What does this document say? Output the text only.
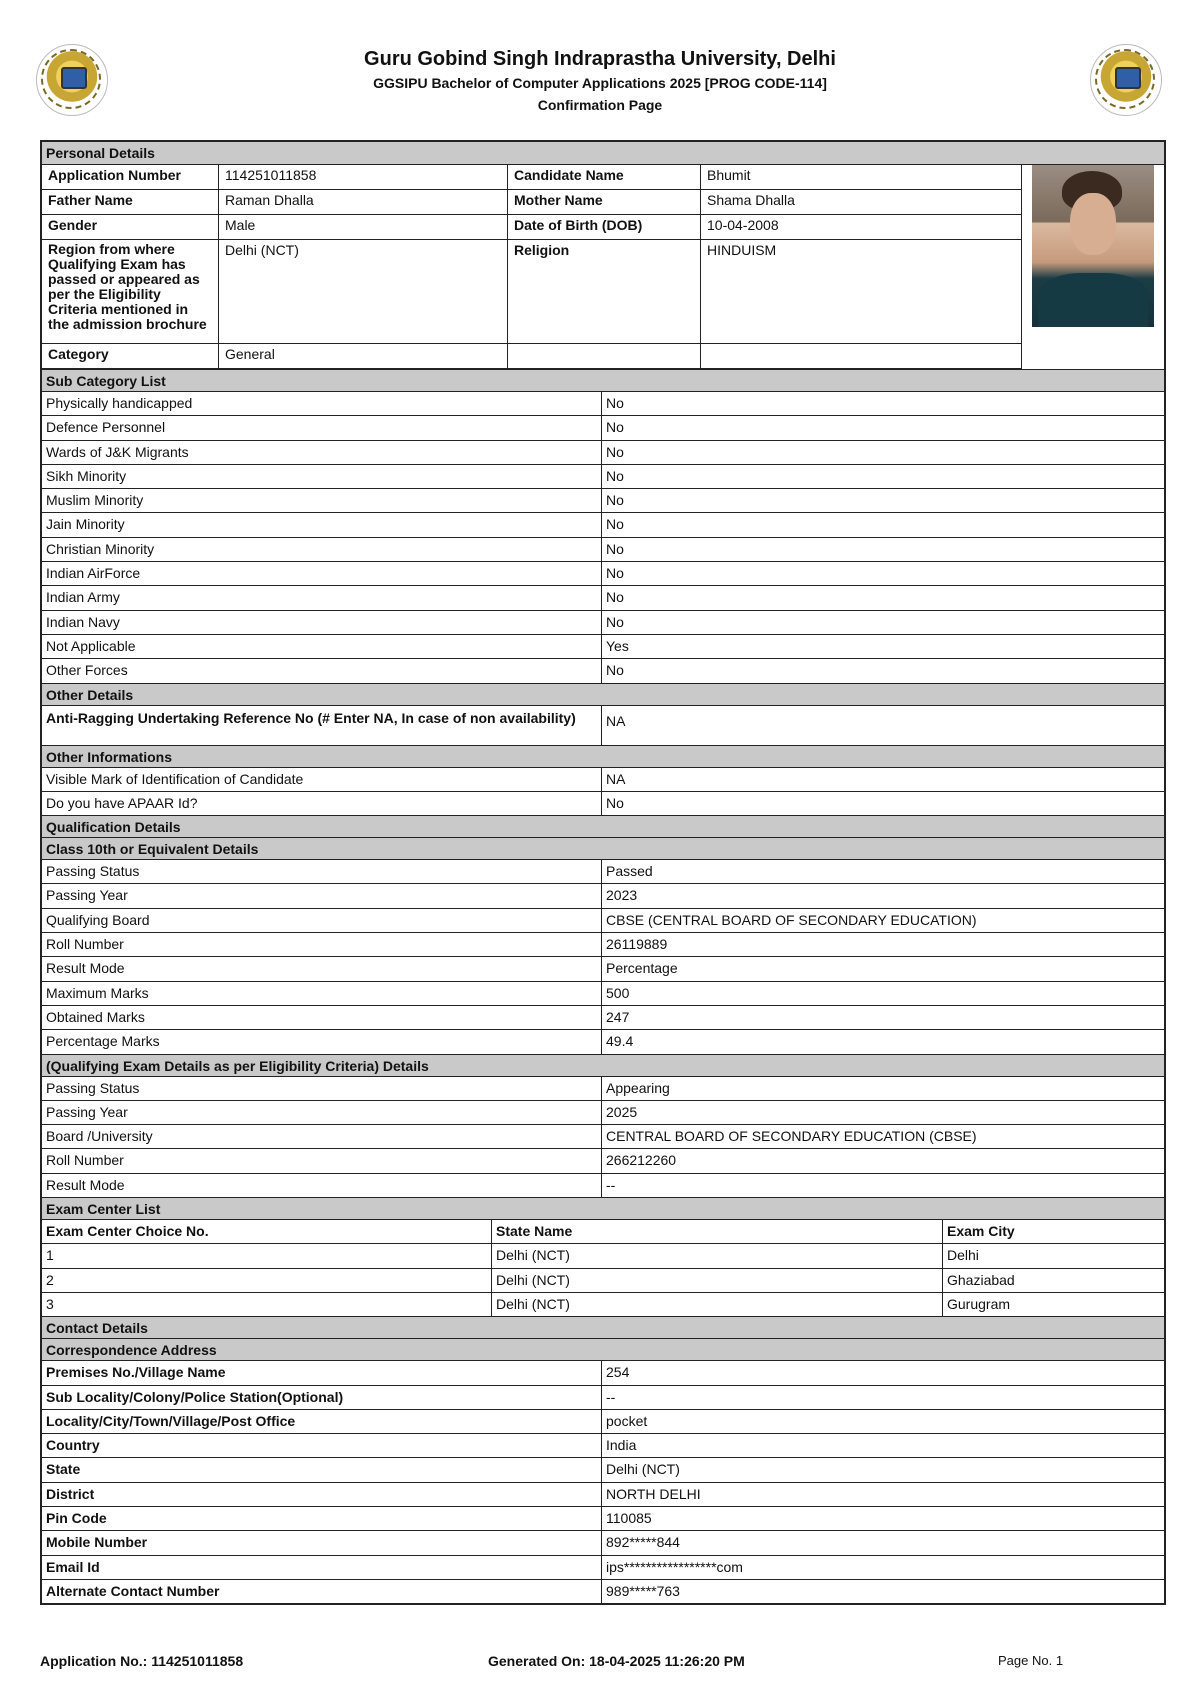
Guru Gobind Singh Indraprastha University, Delhi
GGSIPU Bachelor of Computer Applications 2025 [PROG CODE-114]
Confirmation Page
Personal Details
Application Number	114251011858	Candidate Name	Bhumit
Father Name	Raman Dhalla	Mother Name	Shama Dhalla
Gender	Male	Date of Birth (DOB)	10-04-2008
Region from where Qualifying Exam has passed or appeared as per the Eligibility Criteria mentioned in the admission brochure	Delhi (NCT)	Religion	HINDUISM
Category	General		
Sub Category List
Physically handicapped	No
Defence Personnel	No
Wards of J&K Migrants	No
Sikh Minority	No
Muslim Minority	No
Jain Minority	No
Christian Minority	No
Indian AirForce	No
Indian Army	No
Indian Navy	No
Not Applicable	Yes
Other Forces	No
Other Details
Anti-Ragging Undertaking Reference No (# Enter NA, In case of non availability)	NA
Other Informations
Visible Mark of Identification of Candidate	NA
Do you have APAAR Id?	No
Qualification Details
Class 10th or Equivalent Details
Passing Status	Passed
Passing Year	2023
Qualifying Board	CBSE (CENTRAL BOARD OF SECONDARY EDUCATION)
Roll Number	26119889
Result Mode	Percentage
Maximum Marks	500
Obtained Marks	247
Percentage Marks	49.4
(Qualifying Exam Details as per Eligibility Criteria) Details
Passing Status	Appearing
Passing Year	2025
Board /University	CENTRAL BOARD OF SECONDARY EDUCATION (CBSE)
Roll Number	266212260
Result Mode	--
Exam Center List
Exam Center Choice No.	State Name	Exam City
1	Delhi (NCT)	Delhi
2	Delhi (NCT)	Ghaziabad
3	Delhi (NCT)	Gurugram
Contact Details
Correspondence Address
Premises No./Village Name	254
Sub Locality/Colony/Police Station(Optional)	--
Locality/City/Town/Village/Post Office	pocket
Country	India
State	Delhi (NCT)
District	NORTH DELHI
Pin Code	110085
Mobile Number	892*****844
Email Id	ips*****************com
Alternate Contact Number	989*****763
Application No.: 114251011858	Generated On: 18-04-2025 11:26:20 PM	Page No. 1
